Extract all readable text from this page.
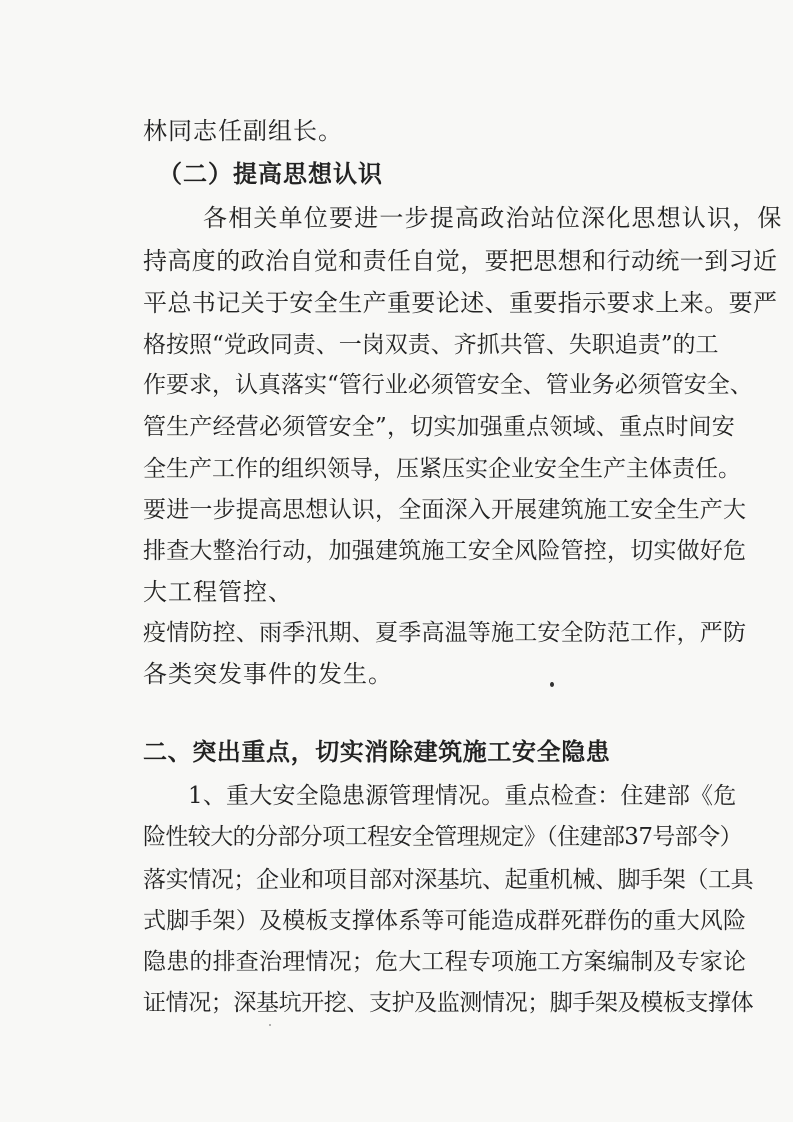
林同志任副组长。
（二）提高思想认识
各相关单位要进一步提高政治站位深化思想认识，保
持高度的政治自觉和责任自觉，要把思想和行动统一到习近
平总书记关于安全生产重要论述、重要指示要求上来。要严
格按照“党政同责、一岗双责、齐抓共管、失职追责”的工
作要求，认真落实“管行业必须管安全、管业务必须管安全、
管生产经营必须管安全”，切实加强重点领域、重点时间安
全生产工作的组织领导，压紧压实企业安全生产主体责任。
要进一步提高思想认识，全面深入开展建筑施工安全生产大
排查大整治行动，加强建筑施工安全风险管控，切实做好危
大工程管控、
疫情防控、雨季汛期、夏季高温等施工安全防范工作，严防
各类突发事件的发生。
二、突出重点，切实消除建筑施工安全隐患
1、重大安全隐患源管理情况。重点检查：住建部《危
险性较大的分部分项工程安全管理规定》（住建部37号部令）
落实情况；企业和项目部对深基坑、起重机械、脚手架（工具
式脚手架）及模板支撑体系等可能造成群死群伤的重大风险
隐患的排查治理情况；危大工程专项施工方案编制及专家论
证情况；深基坑开挖、支护及监测情况；脚手架及模板支撑体
